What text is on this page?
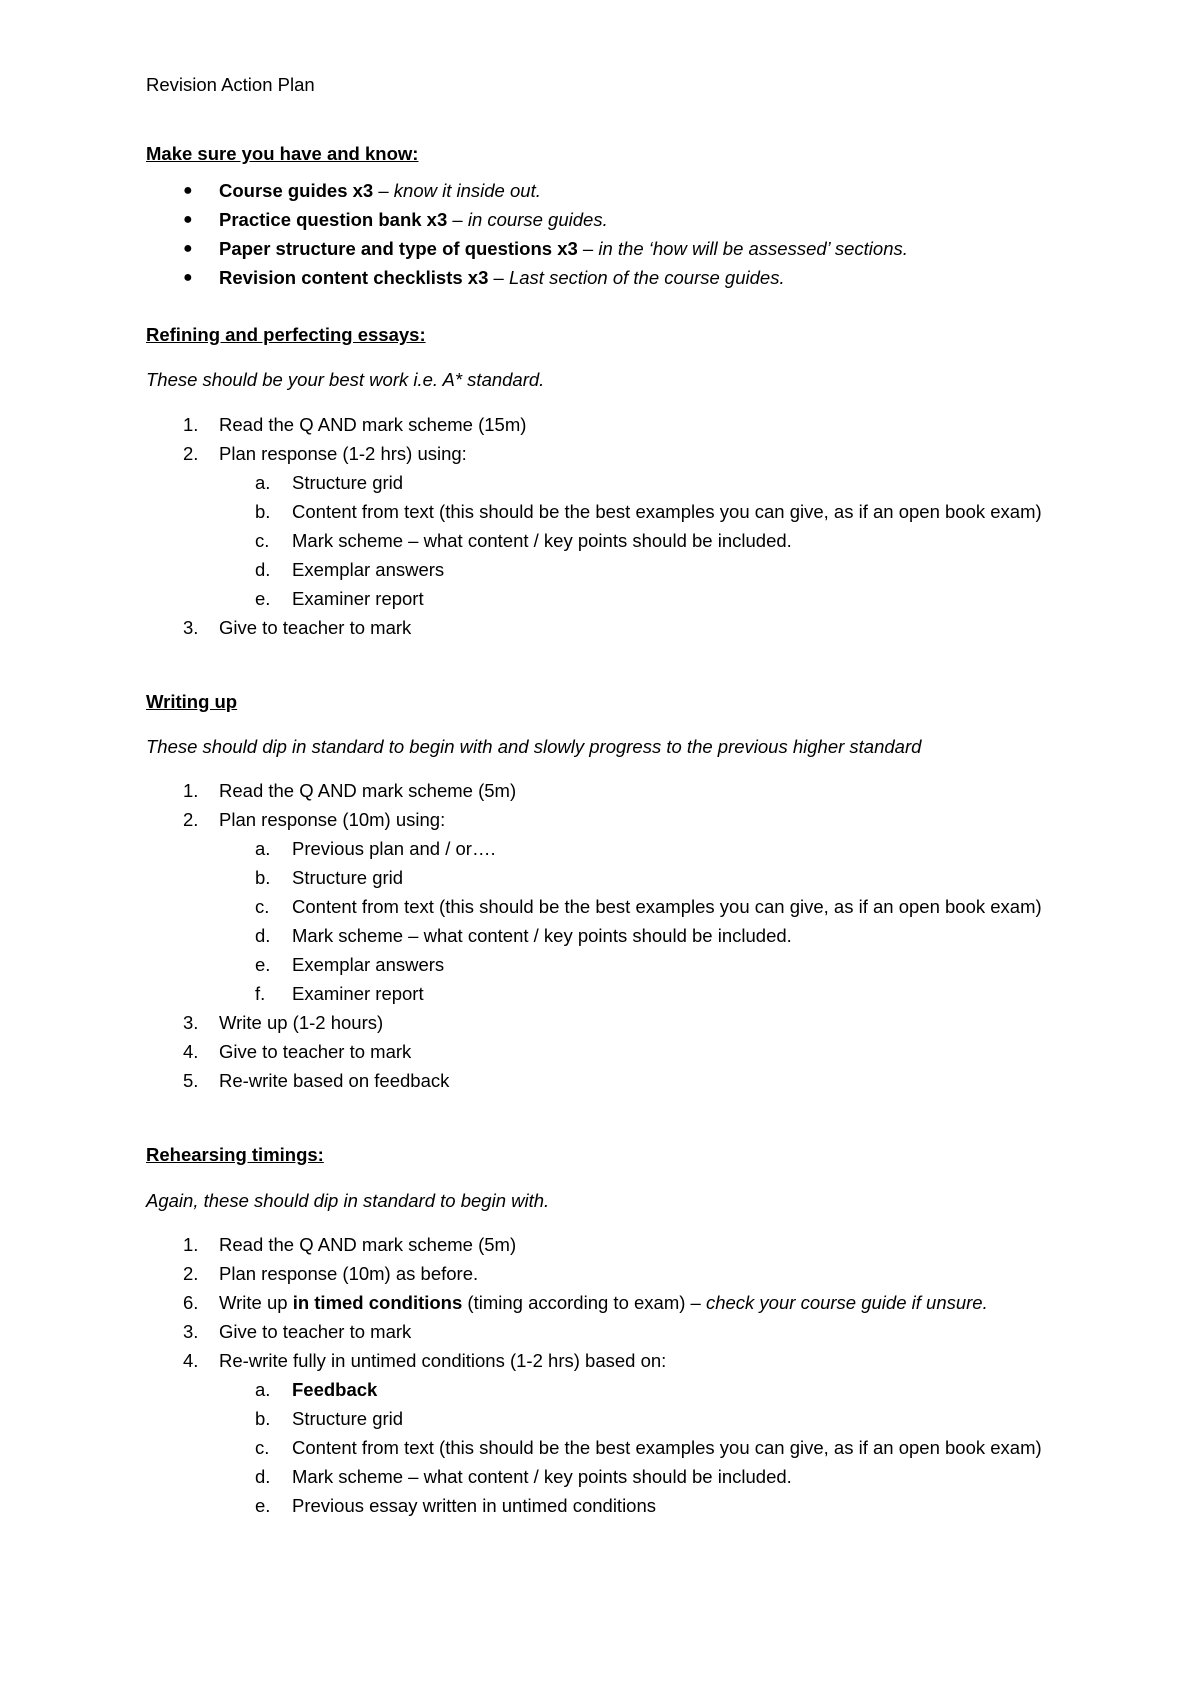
Revision Action Plan
Make sure you have and know:
● Course guides x3 – know it inside out.
● Practice question bank x3 – in course guides.
● Paper structure and type of questions x3 – in the ‘how will be assessed’ sections.
● Revision content checklists x3 – Last section of the course guides.
Refining and perfecting essays:
These should be your best work i.e. A* standard.
1. Read the Q AND mark scheme (15m)
2. Plan response (1-2 hrs) using:
a. Structure grid
b. Content from text (this should be the best examples you can give, as if an open book exam)
c. Mark scheme – what content / key points should be included.
d. Exemplar answers
e. Examiner report
3. Give to teacher to mark
Writing up
These should dip in standard to begin with and slowly progress to the previous higher standard
1. Read the Q AND mark scheme (5m)
2. Plan response (10m) using:
a. Previous plan and / or….
b. Structure grid
c. Content from text (this should be the best examples you can give, as if an open book exam)
d. Mark scheme – what content / key points should be included.
e. Exemplar answers
f. Examiner report
3. Write up (1-2 hours)
4. Give to teacher to mark
5. Re-write based on feedback
Rehearsing timings:
Again, these should dip in standard to begin with.
1. Read the Q AND mark scheme (5m)
2. Plan response (10m) as before.
6. Write up in timed conditions (timing according to exam) – check your course guide if unsure.
3. Give to teacher to mark
4. Re-write fully in untimed conditions (1-2 hrs) based on:
a. Feedback
b. Structure grid
c. Content from text (this should be the best examples you can give, as if an open book exam)
d. Mark scheme – what content / key points should be included.
e. Previous essay written in untimed conditions
